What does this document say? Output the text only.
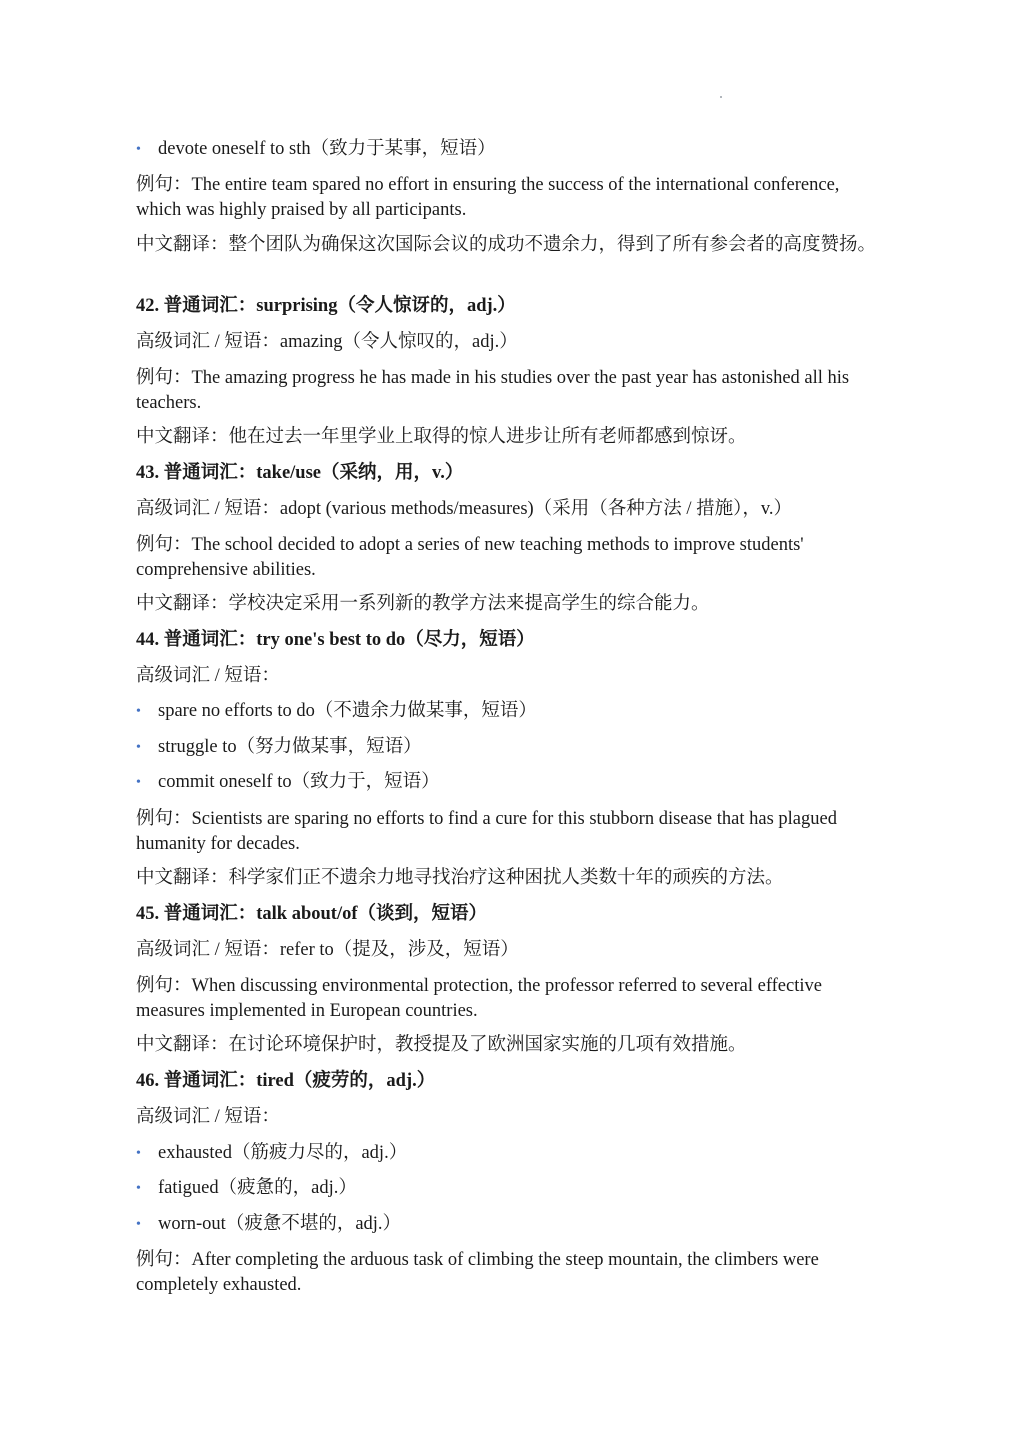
• devote oneself to sth（致力于某事，短语）
例句：The entire team spared no effort in ensuring the success of the international conference, which was highly praised by all participants.
中文翻译：整个团队为确保这次国际会议的成功不遗余力，得到了所有参会者的高度赞扬。
42. 普通词汇：surprising（令人惊讶的，adj.）
高级词汇 / 短语：amazing（令人惊叹的，adj.）
例句：The amazing progress he has made in his studies over the past year has astonished all his teachers.
中文翻译：他在过去一年里学业上取得的惊人进步让所有老师都感到惊讶。
43. 普通词汇：take/use（采纳，用，v.）
高级词汇 / 短语：adopt (various methods/measures)（采用（各种方法 / 措施），v.）
例句：The school decided to adopt a series of new teaching methods to improve students' comprehensive abilities.
中文翻译：学校决定采用一系列新的教学方法来提高学生的综合能力。
44. 普通词汇：try one's best to do（尽力，短语）
高级词汇 / 短语：
• spare no efforts to do（不遗余力做某事，短语）
• struggle to（努力做某事，短语）
• commit oneself to（致力于，短语）
例句：Scientists are sparing no efforts to find a cure for this stubborn disease that has plagued humanity for decades.
中文翻译：科学家们正不遗余力地寻找治疗这种困扰人类数十年的顽疾的方法。
45. 普通词汇：talk about/of（谈到，短语）
高级词汇 / 短语：refer to（提及，涉及，短语）
例句：When discussing environmental protection, the professor referred to several effective measures implemented in European countries.
中文翻译：在讨论环境保护时，教授提及了欧洲国家实施的几项有效措施。
46. 普通词汇：tired（疲劳的，adj.）
高级词汇 / 短语：
• exhausted（筋疲力尽的，adj.）
• fatigued（疲惫的，adj.）
• worn-out（疲惫不堪的，adj.）
例句：After completing the arduous task of climbing the steep mountain, the climbers were completely exhausted.
